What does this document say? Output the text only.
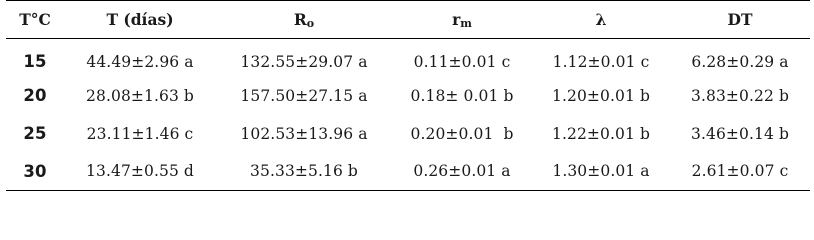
T°C	T (días)	$R_o$	$r_m$	λ	DT
15	44.49±2.96 a	132.55±29.07 a	0.11±0.01 c	1.12±0.01 c	6.28±0.29 a
20	28.08±1.63 b	157.50±27.15 a	0.18± 0.01 b	1.20±0.01 b	3.83±0.22 b
25	23.11±1.46 c	102.53±13.96 a	0.20±0.01  b	1.22±0.01 b	3.46±0.14 b
30	13.47±0.55 d	35.33±5.16 b	0.26±0.01 a	1.30±0.01 a	2.61±0.07 c
